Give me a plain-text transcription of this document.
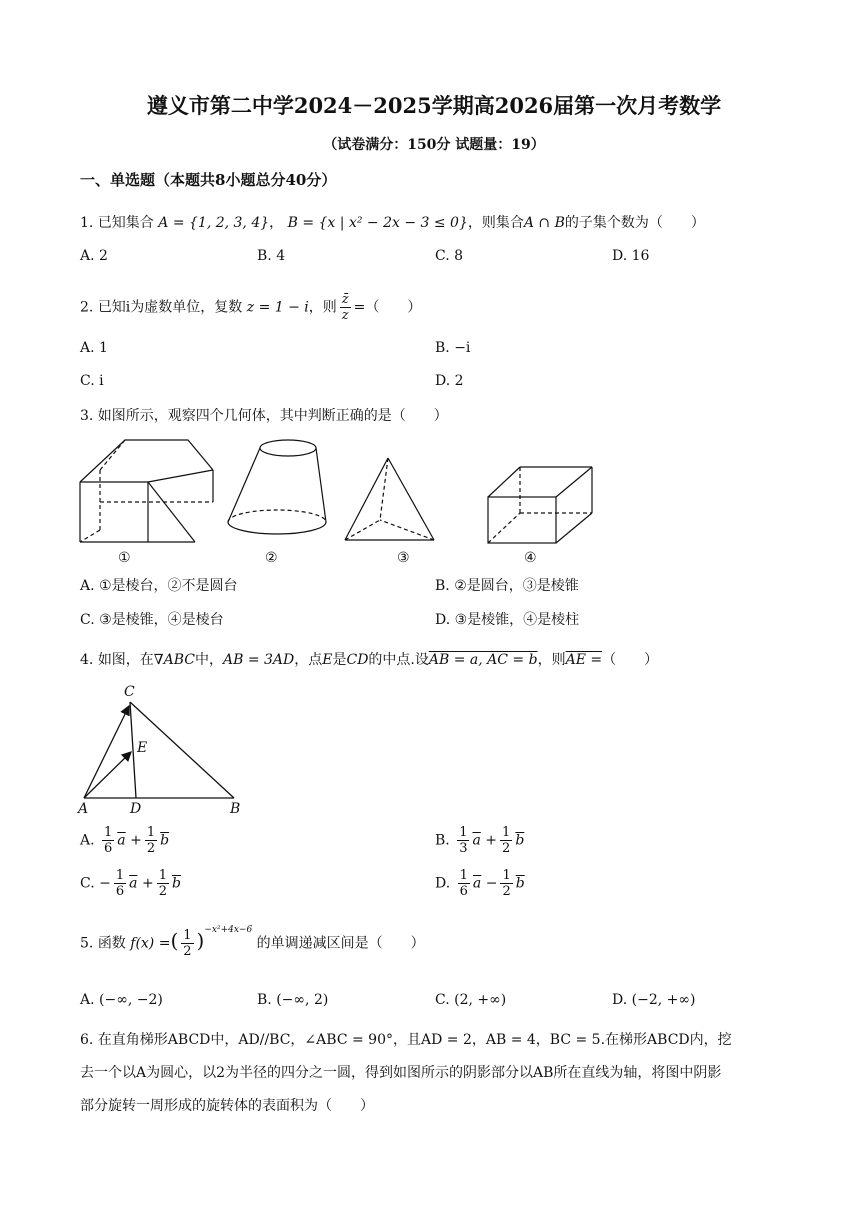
遵义市第二中学2024－2025学期高2026届第一次月考数学
（试卷满分：150分 试题量：19）
一、单选题（本题共8小题总分40分）
1. 已知集合 A = {1, 2, 3, 4}， B = {x | x² − 2x − 3 ≤ 0}，则集合A ∩ B的子集个数为（　　）
A. 2	B. 4	C. 8	D. 16
2. 已知i为虚数单位，复数 z = 1 − i，则 $\frac{z̄}{z}$ =（　　）
A. 1	B. −i
C. i	D. 2
3. 如图所示，观察四个几何体，其中判断正确的是（　　）
①	②	③	④
A. ①是棱台，②不是圆台	B. ②是圆台，③是棱锥
C. ③是棱锥，④是棱台	D. ③是棱锥，④是棱柱
4. 如图，在∇ABC中，AB = 3AD，点E是CD的中点.设AB = a, AC = b，则AE =（　　）
C
E
A	D	B
A. $\frac{1}{6} \overline{a} + \frac{1}{2} \overline{b}$	B. $\frac{1}{3} \overline{a} + \frac{1}{2} \overline{b}$
C. − $\frac{1}{6} \overline{a} + \frac{1}{2} \overline{b}$	D. $\frac{1}{6} \overline{a} - \frac{1}{2} \overline{b}$
5. 函数 f(x) =( $\frac{1}{2} )^{-x^2+4x-6}$ 的单调递减区间是（　　）
A. (−∞, −2)	B. (−∞, 2)	C. (2, +∞)	D. (−2, +∞)
6. 在直角梯形ABCD中，AD//BC，∠ABC = 90°，且AD = 2，AB = 4，BC = 5.在梯形ABCD内，挖
去一个以A为圆心，以2为半径的四分之一圆，得到如图所示的阴影部分以AB所在直线为轴，将图中阴影
部分旋转一周形成的旋转体的表面积为（　　）
